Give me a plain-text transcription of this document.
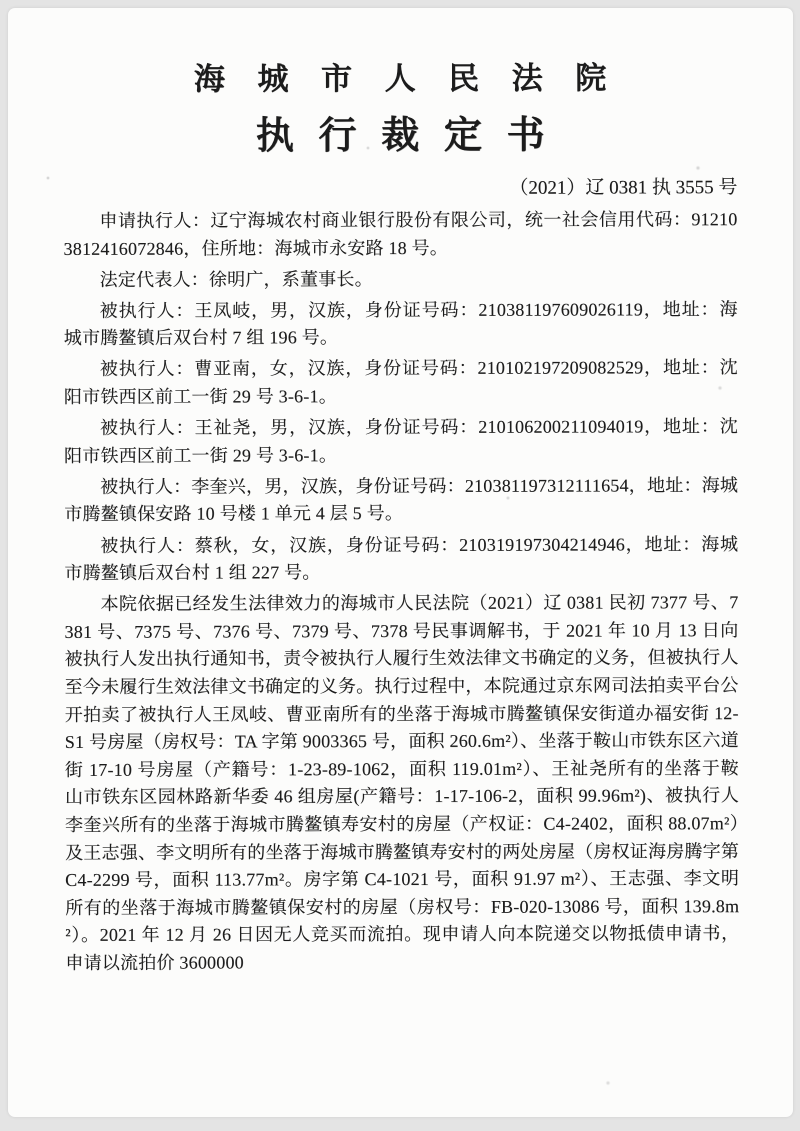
海 城 市 人 民 法 院
执 行 裁 定 书
（2021）辽 0381 执 3555 号

申请执行人：辽宁海城农村商业银行股份有限公司，统一社会信用代码：912103812416072846，住所地：海城市永安路 18 号。

法定代表人：徐明广，系董事长。

被执行人：王凤岐，男，汉族，身份证号码：210381197609026119，地址：海城市腾鳌镇后双台村 7 组 196 号。

被执行人：曹亚南，女，汉族，身份证号码：210102197209082529，地址：沈阳市铁西区前工一街 29 号 3-6-1。

被执行人：王祉尧，男，汉族，身份证号码：210106200211094019，地址：沈阳市铁西区前工一街 29 号 3-6-1。

被执行人：李奎兴，男，汉族，身份证号码：210381197312111654，地址：海城市腾鳌镇保安路 10 号楼 1 单元 4 层 5 号。

被执行人：蔡秋，女，汉族，身份证号码：210319197304214946，地址：海城市腾鳌镇后双台村 1 组 227 号。

本院依据已经发生法律效力的海城市人民法院（2021）辽 0381 民初 7377 号、7381 号、7375 号、7376 号、7379 号、7378 号民事调解书，于 2021 年 10 月 13 日向被执行人发出执行通知书，责令被执行人履行生效法律文书确定的义务，但被执行人至今未履行生效法律文书确定的义务。执行过程中，本院通过京东网司法拍卖平台公开拍卖了被执行人王凤岐、曹亚南所有的坐落于海城市腾鳌镇保安街道办福安街 12-S1 号房屋（房权号：TA 字第 9003365 号，面积 260.6m²）、坐落于鞍山市铁东区六道街 17-10 号房屋（产籍号：1-23-89-1062，面积 119.01m²）、王祉尧所有的坐落于鞍山市铁东区园林路新华委 46 组房屋(产籍号：1-17-106-2，面积 99.96m²)、被执行人李奎兴所有的坐落于海城市腾鳌镇寿安村的房屋（产权证：C4-2402，面积 88.07m²）及王志强、李文明所有的坐落于海城市腾鳌镇寿安村的两处房屋（房权证海房腾字第 C4-2299 号，面积 113.77m²。房字第 C4-1021 号，面积 91.97 m²）、王志强、李文明所有的坐落于海城市腾鳌镇保安村的房屋（房权号：FB-020-13086 号，面积 139.8m²）。2021 年 12 月 26 日因无人竞买而流拍。现申请人向本院递交以物抵债申请书，申请以流拍价 3600000
